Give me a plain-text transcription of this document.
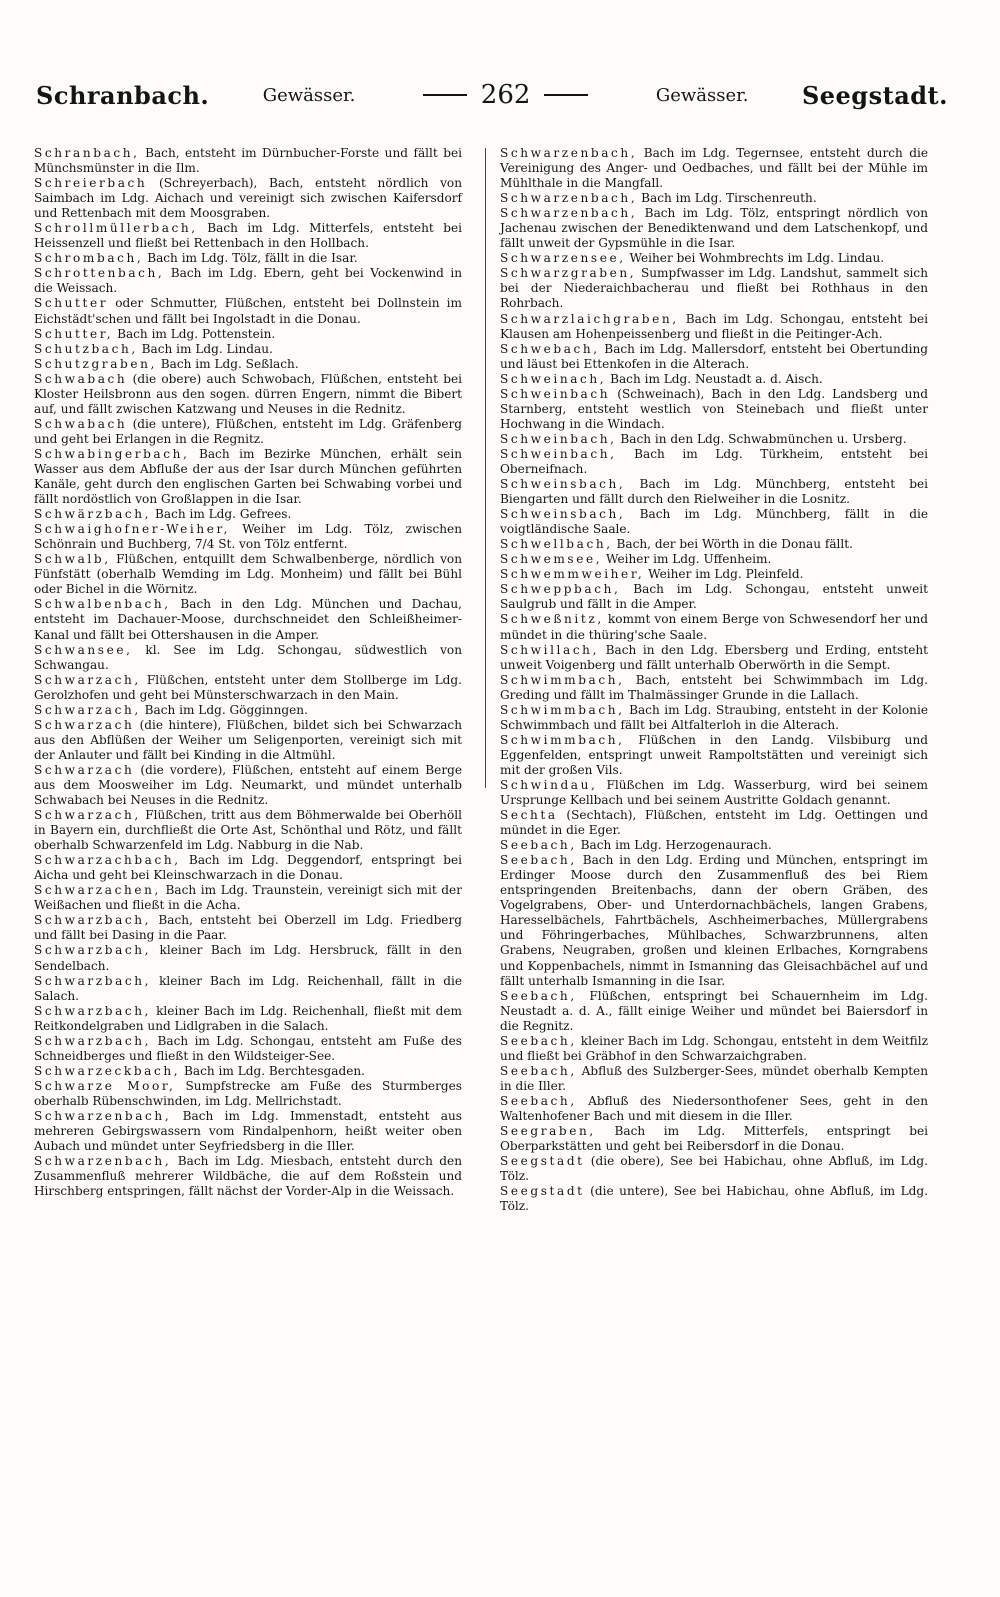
Schranbach.	Gewässer.	262	Gewässer. Seegstadt.

Schranbach, Bach, entsteht im Dürnbucher-Forste und fällt bei Münchsmünster in die Ilm.

Schreierbach (Schreyerbach), Bach, entsteht nördlich von Saimbach im Ldg. Aichach und vereinigt sich zwischen Kaifersdorf und Rettenbach mit dem Moosgraben.

Schrollmüllerbach, Bach im Ldg. Mitterfels, entsteht bei Heissenzell und fließt bei Rettenbach in den Hollbach.

Schrombach, Bach im Ldg. Tölz, fällt in die Isar.

Schrottenbach, Bach im Ldg. Ebern, geht bei Vockenwind in die Weissach.

Schutter oder Schmutter, Flüßchen, entsteht bei Dollnstein im Eichstädt'schen und fällt bei Ingolstadt in die Donau.

Schutter, Bach im Ldg. Pottenstein.

Schutzbach, Bach im Ldg. Lindau.

Schutzgraben, Bach im Ldg. Seßlach.

Schwabach (die obere) auch Schwobach, Flüßchen, entsteht bei Kloster Heilsbronn aus den sogen. dürren Engern, nimmt die Bibert auf, und fällt zwischen Katzwang und Neuses in die Rednitz.

Schwabach (die untere), Flüßchen, entsteht im Ldg. Gräfenberg und geht bei Erlangen in die Regnitz.

Schwabingerbach, Bach im Bezirke München, erhält sein Wasser aus dem Abfluße der aus der Isar durch München geführten Kanäle, geht durch den englischen Garten bei Schwabing vorbei und fällt nordöstlich von Großlappen in die Isar.

Schwärzbach, Bach im Ldg. Gefrees.

Schwaighofner-Weiher, Weiher im Ldg. Tölz, zwischen Schönrain und Buchberg, 7/4 St. von Tölz entfernt.

Schwalb, Flüßchen, entquillt dem Schwalbenberge, nördlich von Fünfstätt (oberhalb Wemding im Ldg. Monheim) und fällt bei Bühl oder Bichel in die Wörnitz.

Schwalbenbach, Bach in den Ldg. München und Dachau, entsteht im Dachauer-Moose, durchschneidet den Schleißheimer-Kanal und fällt bei Ottershausen in die Amper.

Schwansee, kl. See im Ldg. Schongau, südwestlich von Schwangau.

Schwarzach, Flüßchen, entsteht unter dem Stollberge im Ldg. Gerolzhofen und geht bei Münsterschwarzach in den Main.

Schwarzach, Bach im Ldg. Gögginngen.

Schwarzach (die hintere), Flüßchen, bildet sich bei Schwarzach aus den Abflüßen der Weiher um Seligenporten, vereinigt sich mit der Anlauter und fällt bei Kinding in die Altmühl.

Schwarzach (die vordere), Flüßchen, entsteht auf einem Berge aus dem Moosweiher im Ldg. Neumarkt, und mündet unterhalb Schwabach bei Neuses in die Rednitz.

Schwarzach, Flüßchen, tritt aus dem Böhmerwalde bei Oberhöll in Bayern ein, durchfließt die Orte Ast, Schönthal und Rötz, und fällt oberhalb Schwarzenfeld im Ldg. Nabburg in die Nab.

Schwarzachbach, Bach im Ldg. Deggendorf, entspringt bei Aicha und geht bei Kleinschwarzach in die Donau.

Schwarzachen, Bach im Ldg. Traunstein, vereinigt sich mit der Weißachen und fließt in die Acha.

Schwarzbach, Bach, entsteht bei Oberzell im Ldg. Friedberg und fällt bei Dasing in die Paar.

Schwarzbach, kleiner Bach im Ldg. Hersbruck, fällt in den Sendelbach.

Schwarzbach, kleiner Bach im Ldg. Reichenhall, fällt in die Salach.

Schwarzbach, kleiner Bach im Ldg. Reichenhall, fließt mit dem Reitkondelgraben und Lidlgraben in die Salach.

Schwarzbach, Bach im Ldg. Schongau, entsteht am Fuße des Schneidberges und fließt in den Wildsteiger-See.

Schwarzeckbach, Bach im Ldg. Berchtesgaden.

Schwarze Moor, Sumpfstrecke am Fuße des Sturmberges oberhalb Rübenschwinden, im Ldg. Mellrichstadt.

Schwarzenbach, Bach im Ldg. Immenstadt, entsteht aus mehreren Gebirgswassern vom Rindalpenhorn, heißt weiter oben Aubach und mündet unter Seyfriedsberg in die Iller.

Schwarzenbach, Bach im Ldg. Miesbach, entsteht durch den Zusammenfluß mehrerer Wildbäche, die auf dem Roßstein und Hirschberg entspringen, fällt nächst der Vorder-Alp in die Weissach.

Schwarzenbach, Bach im Ldg. Tegernsee, entsteht durch die Vereinigung des Anger- und Oedbaches, und fällt bei der Mühle im Mühlthale in die Mangfall.

Schwarzenbach, Bach im Ldg. Tirschenreuth.

Schwarzenbach, Bach im Ldg. Tölz, entspringt nördlich von Jachenau zwischen der Benediktenwand und dem Latschenkopf, und fällt unweit der Gypsmühle in die Isar.

Schwarzensee, Weiher bei Wohmbrechts im Ldg. Lindau.

Schwarzgraben, Sumpfwasser im Ldg. Landshut, sammelt sich bei der Niederaichbacherau und fließt bei Rothhaus in den Rohrbach.

Schwarzlaichgraben, Bach im Ldg. Schongau, entsteht bei Klausen am Hohenpeissenberg und fließt in die Peitinger-Ach.

Schwebach, Bach im Ldg. Mallersdorf, entsteht bei Obertunding und läust bei Ettenkofen in die Alterach.

Schweinach, Bach im Ldg. Neustadt a. d. Aisch.

Schweinbach (Schweinach), Bach in den Ldg. Landsberg und Starnberg, entsteht westlich von Steinebach und fließt unter Hochwang in die Windach.

Schweinbach, Bach in den Ldg. Schwabmünchen u. Ursberg.

Schweinbach, Bach im Ldg. Türkheim, entsteht bei Oberneifnach.

Schweinsbach, Bach im Ldg. Münchberg, entsteht bei Biengarten und fällt durch den Rielweiher in die Losnitz.

Schweinsbach, Bach im Ldg. Münchberg, fällt in die voigtländische Saale.

Schwellbach, Bach, der bei Wörth in die Donau fällt.

Schwemsee, Weiher im Ldg. Uffenheim.

Schwemmweiher, Weiher im Ldg. Pleinfeld.

Schweppbach, Bach im Ldg. Schongau, entsteht unweit Saulgrub und fällt in die Amper.

Schweßnitz, kommt von einem Berge von Schwesendorf her und mündet in die thüring'sche Saale.

Schwillach, Bach in den Ldg. Ebersberg und Erding, entsteht unweit Voigenberg und fällt unterhalb Oberwörth in die Sempt.

Schwimmbach, Bach, entsteht bei Schwimmbach im Ldg. Greding und fällt im Thalmässinger Grunde in die Lallach.

Schwimmbach, Bach im Ldg. Straubing, entsteht in der Kolonie Schwimmbach und fällt bei Altfalterloh in die Alterach.

Schwimmbach, Flüßchen in den Landg. Vilsbiburg und Eggenfelden, entspringt unweit Rampoltstätten und vereinigt sich mit der großen Vils.

Schwindau, Flüßchen im Ldg. Wasserburg, wird bei seinem Ursprunge Kellbach und bei seinem Austritte Goldach genannt.

Sechta (Sechtach), Flüßchen, entsteht im Ldg. Oettingen und mündet in die Eger.

Seebach, Bach im Ldg. Herzogenaurach.

Seebach, Bach in den Ldg. Erding und München, entspringt im Erdinger Moose durch den Zusammenfluß des bei Riem entspringenden Breitenbachs, dann der obern Gräben, des Vogelgrabens, Ober- und Unterdornachbächels, langen Grabens, Haresselbächels, Fahrtbächels, Aschheimerbaches, Müllergrabens und Föhringerbaches, Mühlbaches, Schwarzbrunnens, alten Grabens, Neugraben, großen und kleinen Erlbaches, Korngrabens und Koppenbachels, nimmt in Ismanning das Gleisachbächel auf und fällt unterhalb Ismanning in die Isar.

Seebach, Flüßchen, entspringt bei Schauernheim im Ldg. Neustadt a. d. A., fällt einige Weiher und mündet bei Baiersdorf in die Regnitz.

Seebach, kleiner Bach im Ldg. Schongau, entsteht in dem Weitfilz und fließt bei Gräbhof in den Schwarzaichgraben.

Seebach, Abfluß des Sulzberger-Sees, mündet oberhalb Kempten in die Iller.

Seebach, Abfluß des Niedersonthofener Sees, geht in den Waltenhofener Bach und mit diesem in die Iller.

Seegraben, Bach im Ldg. Mitterfels, entspringt bei Oberparkstätten und geht bei Reibersdorf in die Donau.

Seegstadt (die obere), See bei Habichau, ohne Abfluß, im Ldg. Tölz.

Seegstadt (die untere), See bei Habichau, ohne Abfluß, im Ldg. Tölz.
